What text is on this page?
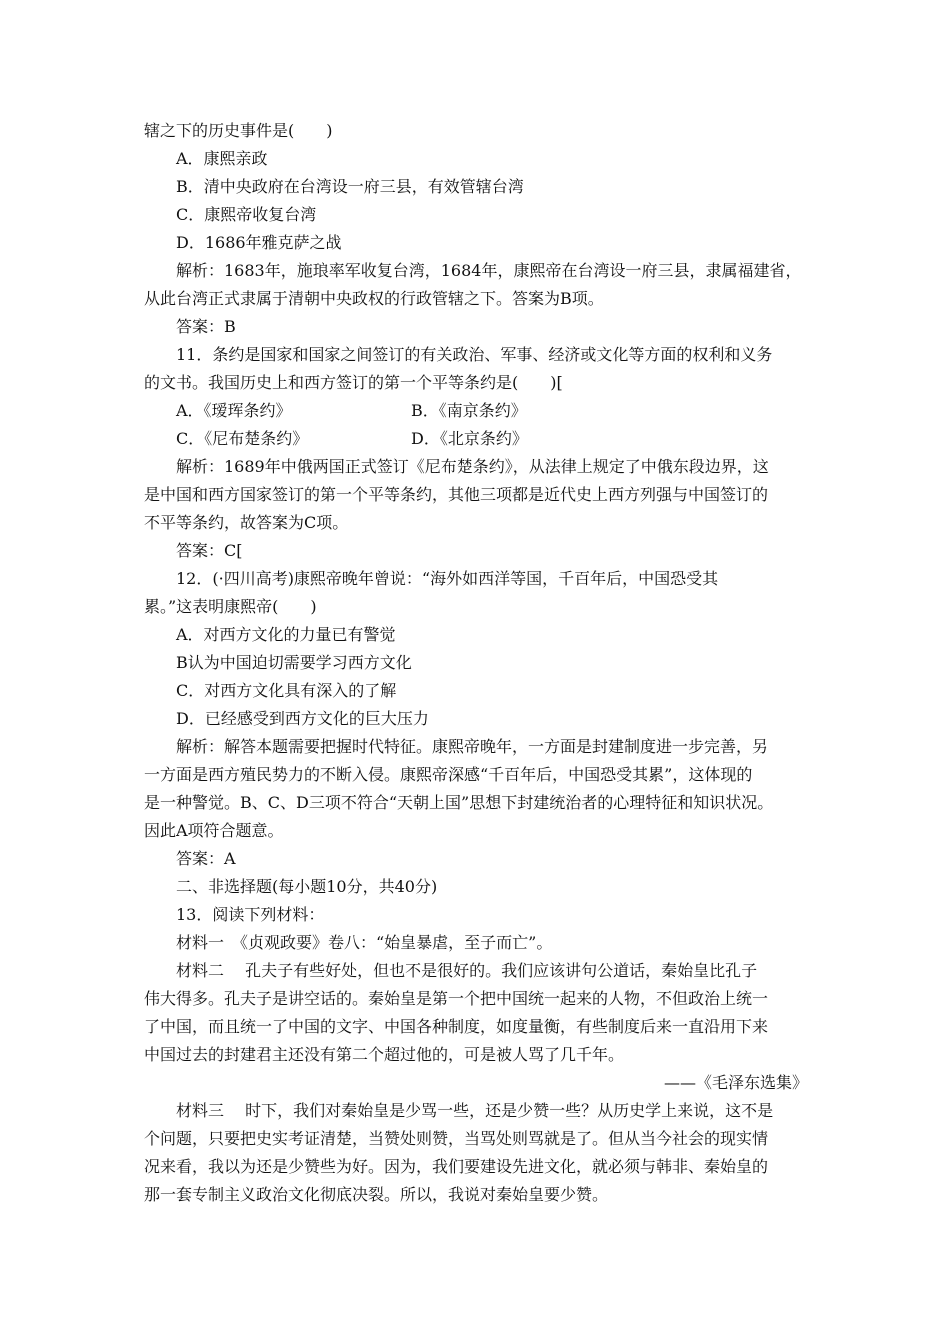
辖之下的历史事件是(　　)
A．康熙亲政
B．清中央政府在台湾设一府三县，有效管辖台湾
C．康熙帝收复台湾
D．1686年雅克萨之战
解析：1683年，施琅率军收复台湾，1684年，康熙帝在台湾设一府三县，隶属福建省，
从此台湾正式隶属于清朝中央政权的行政管辖之下。答案为B项。
答案：B
11．条约是国家和国家之间签订的有关政治、军事、经济或文化等方面的权利和义务
的文书。我国历史上和西方签订的第一个平等条约是(　　)[
A．《瑷珲条约》	B．《南京条约》
C．《尼布楚条约》	D．《北京条约》
解析：1689年中俄两国正式签订《尼布楚条约》，从法律上规定了中俄东段边界，这
是中国和西方国家签订的第一个平等条约，其他三项都是近代史上西方列强与中国签订的
不平等条约，故答案为C项。
答案：C[
12．(·四川高考)康熙帝晚年曾说：“海外如西洋等国，千百年后，中国恐受其
累。”这表明康熙帝(　　)
A．对西方文化的力量已有警觉
B认为中国迫切需要学习西方文化
C．对西方文化具有深入的了解
D．已经感受到西方文化的巨大压力
解析：解答本题需要把握时代特征。康熙帝晚年，一方面是封建制度进一步完善，另
一方面是西方殖民势力的不断入侵。康熙帝深感“千百年后，中国恐受其累”，这体现的
是一种警觉。B、C、D三项不符合“天朝上国”思想下封建统治者的心理特征和知识状况。
因此A项符合题意。
答案：A
二、非选择题(每小题10分，共40分)
13．阅读下列材料：
材料一　《贞观政要》卷八：“始皇暴虐，至子而亡”。
材料二　 孔夫子有些好处，但也不是很好的。我们应该讲句公道话，秦始皇比孔子
伟大得多。孔夫子是讲空话的。秦始皇是第一个把中国统一起来的人物，不但政治上统一
了中国，而且统一了中国的文字、中国各种制度，如度量衡，有些制度后来一直沿用下来
中国过去的封建君主还没有第二个超过他的，可是被人骂了几千年。
——《毛泽东选集》
材料三　 时下，我们对秦始皇是少骂一些，还是少赞一些？从历史学上来说，这不是
个问题，只要把史实考证清楚，当赞处则赞，当骂处则骂就是了。但从当今社会的现实情
况来看，我以为还是少赞些为好。因为，我们要建设先进文化，就必须与韩非、秦始皇的
那一套专制主义政治文化彻底决裂。所以，我说对秦始皇要少赞。
